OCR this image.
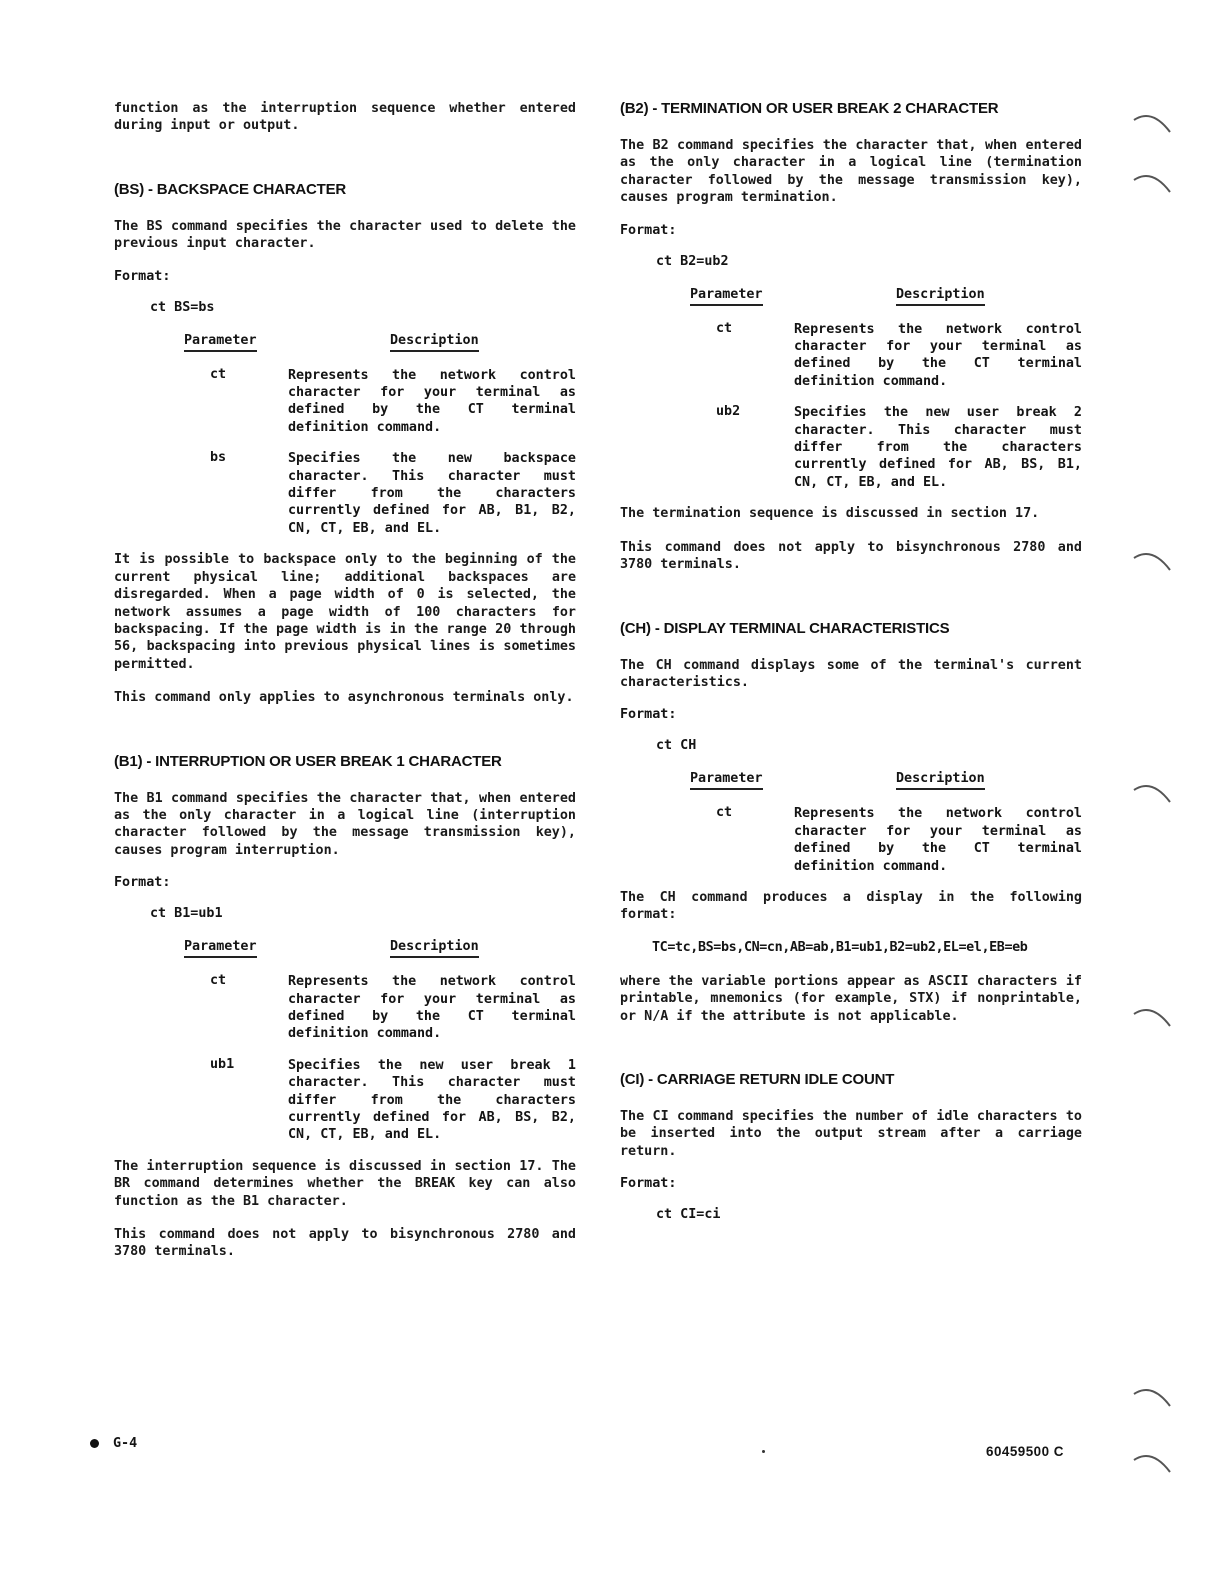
function as the interruption sequence whether entered during input or output.

(BS) - BACKSPACE CHARACTER

The BS command specifies the character used to delete the previous input character.

Format:
ct BS=bs
Parameter	Description
ct	Represents the network control character for your terminal as defined by the CT terminal definition command.
bs	Specifies the new backspace character. This character must differ from the characters currently defined for AB, B1, B2, CN, CT, EB, and EL.

It is possible to backspace only to the beginning of the current physical line; additional backspaces are disregarded. When a page width of 0 is selected, the network assumes a page width of 100 characters for backspacing. If the page width is in the range 20 through 56, backspacing into previous physical lines is sometimes permitted.

This command only applies to asynchronous terminals only.

(B1) - INTERRUPTION OR USER BREAK 1 CHARACTER

The B1 command specifies the character that, when entered as the only character in a logical line (interruption character followed by the message transmission key), causes program interruption.

Format:
ct B1=ub1
Parameter	Description
ct	Represents the network control character for your terminal as defined by the CT terminal definition command.
ub1	Specifies the new user break 1 character. This character must differ from the characters currently defined for AB, BS, B2, CN, CT, EB, and EL.

The interruption sequence is discussed in section 17. The BR command determines whether the BREAK key can also function as the B1 character.

This command does not apply to bisynchronous 2780 and 3780 terminals.

(B2) - TERMINATION OR USER BREAK 2 CHARACTER

The B2 command specifies the character that, when entered as the only character in a logical line (termination character followed by the message transmission key), causes program termination.

Format:
ct B2=ub2
Parameter	Description
ct	Represents the network control character for your terminal as defined by the CT terminal definition command.
ub2	Specifies the new user break 2 character. This character must differ from the characters currently defined for AB, BS, B1, CN, CT, EB, and EL.

The termination sequence is discussed in section 17.

This command does not apply to bisynchronous 2780 and 3780 terminals.

(CH) - DISPLAY TERMINAL CHARACTERISTICS

The CH command displays some of the terminal's current characteristics.

Format:
ct CH
Parameter	Description
ct	Represents the network control character for your terminal as defined by the CT terminal definition command.

The CH command produces a display in the following format:

TC=tc,BS=bs,CN=cn,AB=ab,B1=ub1,B2=ub2,EL=el,EB=eb

where the variable portions appear as ASCII characters if printable, mnemonics (for example, STX) if nonprintable, or N/A if the attribute is not applicable.

(CI) - CARRIAGE RETURN IDLE COUNT

The CI command specifies the number of idle characters to be inserted into the output stream after a carriage return.

Format:
ct CI=ci
G-4
60459500 C
